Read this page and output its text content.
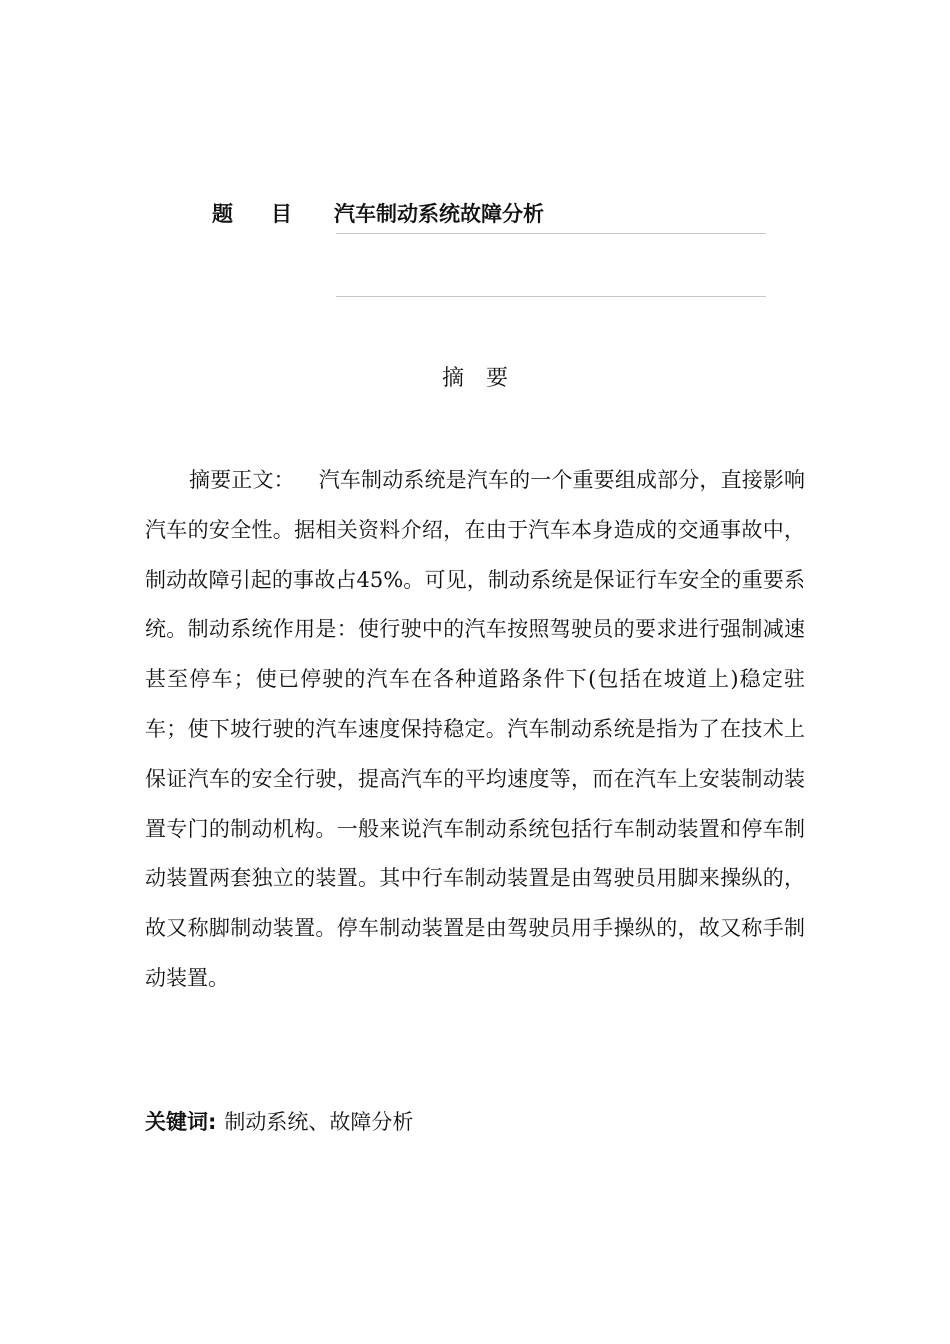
题目 汽车制动系统故障分析
摘要
摘要正文： 汽车制动系统是汽车的一个重要组成部分，直接影响汽车的安全性。据相关资料介绍，在由于汽车本身造成的交通事故中，制动故障引起的事故占45%。可见，制动系统是保证行车安全的重要系统。制动系统作用是：使行驶中的汽车按照驾驶员的要求进行强制减速甚至停车；使已停驶的汽车在各种道路条件下(包括在坡道上)稳定驻车；使下坡行驶的汽车速度保持稳定。汽车制动系统是指为了在技术上保证汽车的安全行驶，提高汽车的平均速度等，而在汽车上安装制动装置专门的制动机构。一般来说汽车制动系统包括行车制动装置和停车制动装置两套独立的装置。其中行车制动装置是由驾驶员用脚来操纵的，故又称脚制动装置。停车制动装置是由驾驶员用手操纵的，故又称手制动装置。
关键词: 制动系统、故障分析
